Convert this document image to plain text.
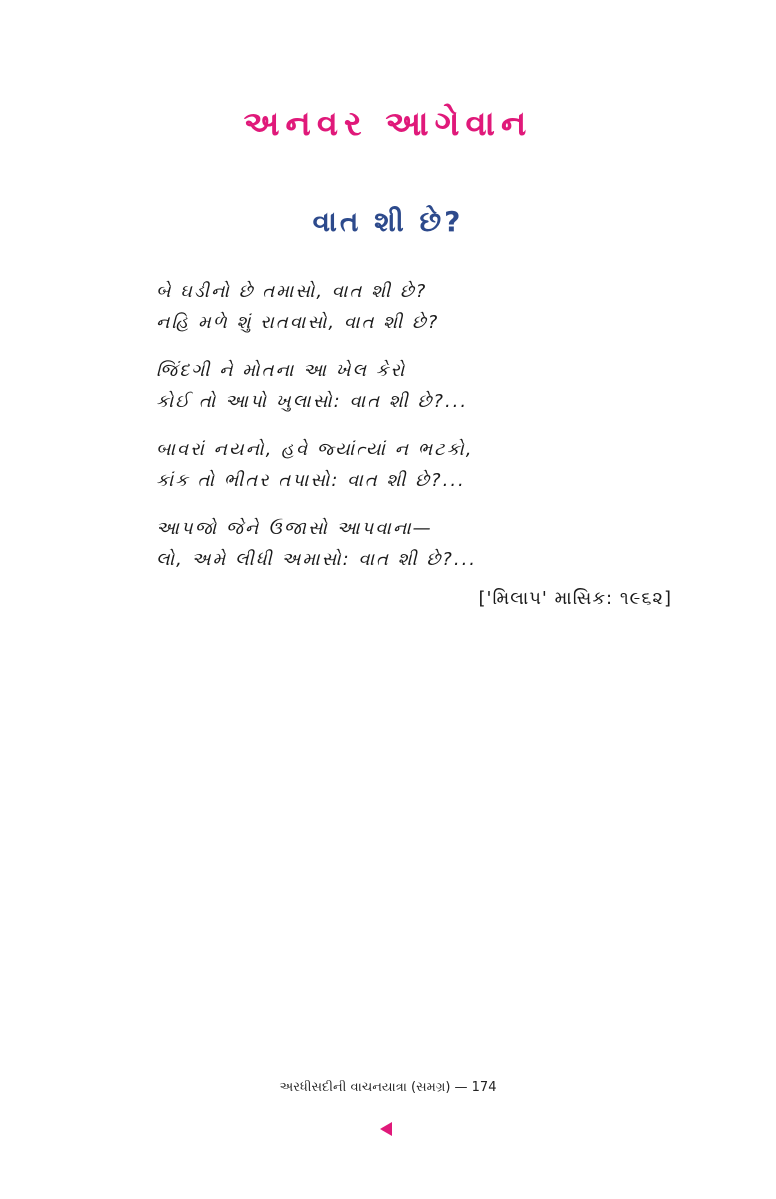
અનવર આગેવાન
વાત શી છે?
બે ઘડીનો છે તમાસો, વાત શી છે?
નહિ મળે શું રાતવાસો, વાત શી છે?
જિંદગી ને મોતના આ ખેલ કેરો
કોઈ તો આપો ખુલાસો: વાત શી છે?...
બાવરાં નયનો, હવે જ્યાંત્યાં ન ભટકો,
કાંક તો ભીતર તપાસો: વાત શી છે?...
આપજો જેને ઉજાસો આપવાના—
લો, અમે લીધી અમાસો: વાત શી છે?...
['મિલાપ' માસિક: ૧૯૬૨]
અરધીસદીની વાચનયાત્રા (સમગ્ર) — 174
